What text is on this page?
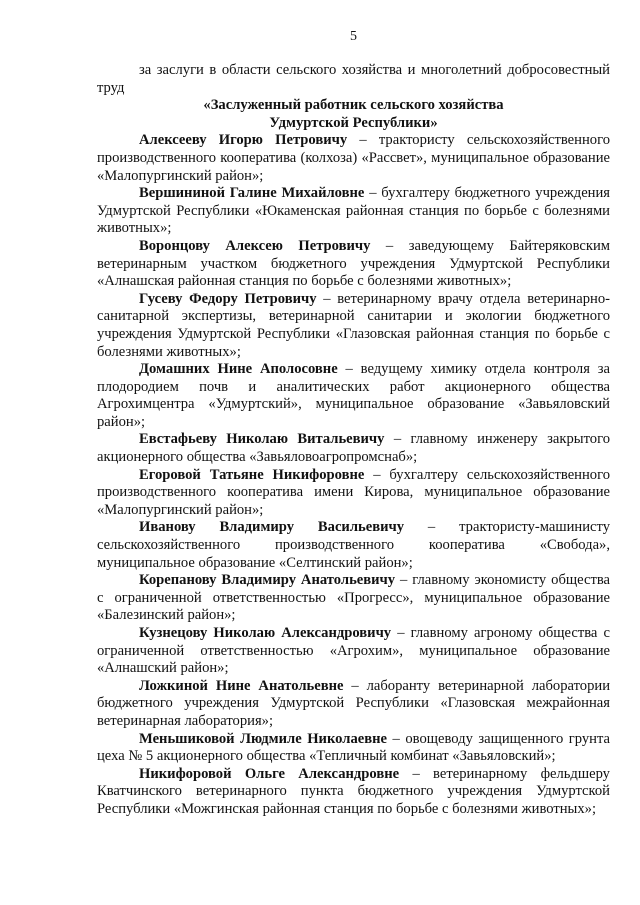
5

за заслуги в области сельского хозяйства и многолетний добросовестный труд

«Заслуженный работник сельского хозяйства
Удмуртской Республики»

Алексееву Игорю Петровичу – трактористу сельскохозяйственного производственного кооператива (колхоза) «Рассвет», муниципальное образование «Малопургинский район»;

Вершининой Галине Михайловне – бухгалтеру бюджетного учреждения Удмуртской Республики «Юкаменская районная станция по борьбе с болезнями животных»;

Воронцову Алексею Петровичу – заведующему Байтеряковским ветеринарным участком бюджетного учреждения Удмуртской Республики «Алнашская районная станция по борьбе с болезнями животных»;

Гусеву Федору Петровичу – ветеринарному врачу отдела ветеринарно-санитарной экспертизы, ветеринарной санитарии и экологии бюджетного учреждения Удмуртской Республики «Глазовская районная станция по борьбе с болезнями животных»;

Домашних Нине Аполосовне – ведущему химику отдела контроля за плодородием почв и аналитических работ акционерного общества Агрохимцентра «Удмуртский», муниципальное образование «Завьяловский район»;

Евстафьеву Николаю Витальевичу – главному инженеру закрытого акционерного общества «Завьяловоагропромснаб»;

Егоровой Татьяне Никифоровне – бухгалтеру сельскохозяйственного производственного кооператива имени Кирова, муниципальное образование «Малопургинский район»;

Иванову Владимиру Васильевичу – трактористу-машинисту сельскохозяйственного производственного кооператива «Свобода», муниципальное образование «Селтинский район»;

Корепанову Владимиру Анатольевичу – главному экономисту общества с ограниченной ответственностью «Прогресс», муниципальное образование «Балезинский район»;

Кузнецову Николаю Александровичу – главному агроному общества с ограниченной ответственностью «Агрохим», муниципальное образование «Алнашский район»;

Ложкиной Нине Анатольевне – лаборанту ветеринарной лаборатории бюджетного учреждения Удмуртской Республики «Глазовская межрайонная ветеринарная лаборатория»;

Меньшиковой Людмиле Николаевне – овощеводу защищенного грунта цеха № 5 акционерного общества «Тепличный комбинат «Завьяловский»;

Никифоровой Ольге Александровне – ветеринарному фельдшеру Кватчинского ветеринарного пункта бюджетного учреждения Удмуртской Республики «Можгинская районная станция по борьбе с болезнями животных»;
